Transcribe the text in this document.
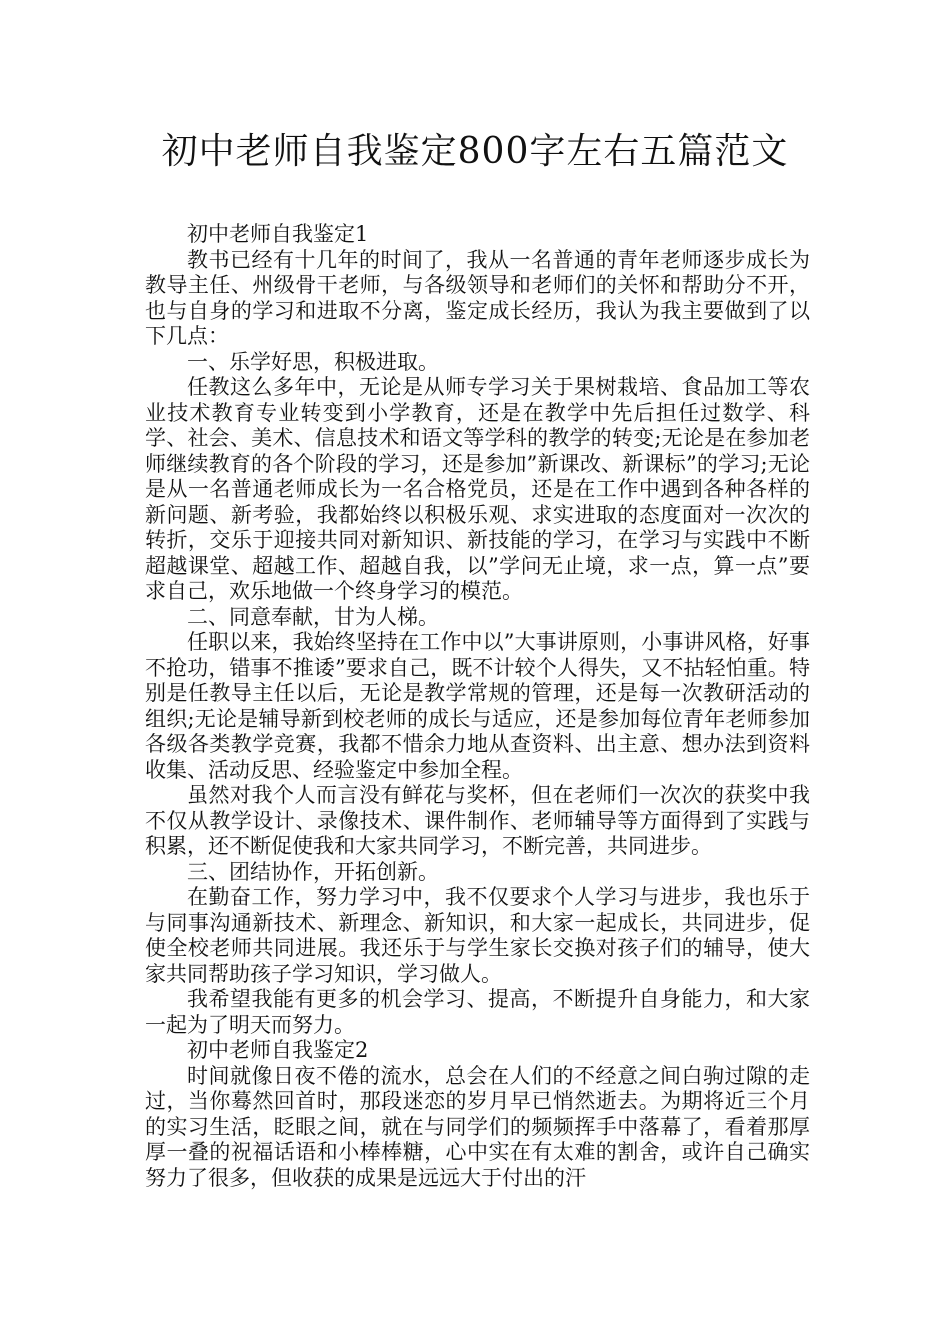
初中老师自我鉴定800字左右五篇范文

初中老师自我鉴定1

教书已经有十几年的时间了，我从一名普通的青年老师逐步成长为教导主任、州级骨干老师，与各级领导和老师们的关怀和帮助分不开，也与自身的学习和进取不分离，鉴定成长经历，我认为我主要做到了以下几点：

一、乐学好思，积极进取。

任教这么多年中，无论是从师专学习关于果树栽培、食品加工等农业技术教育专业转变到小学教育，还是在教学中先后担任过数学、科学、社会、美术、信息技术和语文等学科的教学的转变;无论是在参加老师继续教育的各个阶段的学习，还是参加”新课改、新课标”的学习;无论是从一名普通老师成长为一名合格党员，还是在工作中遇到各种各样的新问题、新考验，我都始终以积极乐观、求实进取的态度面对一次次的转折，交乐于迎接共同对新知识、新技能的学习，在学习与实践中不断超越课堂、超越工作、超越自我，以”学问无止境，求一点，算一点”要求自己，欢乐地做一个终身学习的模范。

二、同意奉献，甘为人梯。

任职以来，我始终坚持在工作中以”大事讲原则，小事讲风格，好事不抢功，错事不推诿”要求自己，既不计较个人得失，又不拈轻怕重。特别是任教导主任以后，无论是教学常规的管理，还是每一次教研活动的组织;无论是辅导新到校老师的成长与适应，还是参加每位青年老师参加各级各类教学竞赛，我都不惜余力地从查资料、出主意、想办法到资料收集、活动反思、经验鉴定中参加全程。

虽然对我个人而言没有鲜花与奖杯，但在老师们一次次的获奖中我不仅从教学设计、录像技术、课件制作、老师辅导等方面得到了实践与积累，还不断促使我和大家共同学习，不断完善，共同进步。

三、团结协作，开拓创新。

在勤奋工作，努力学习中，我不仅要求个人学习与进步，我也乐于与同事沟通新技术、新理念、新知识，和大家一起成长，共同进步，促使全校老师共同进展。我还乐于与学生家长交换对孩子们的辅导，使大家共同帮助孩子学习知识，学习做人。

我希望我能有更多的机会学习、提高，不断提升自身能力，和大家一起为了明天而努力。

初中老师自我鉴定2

时间就像日夜不倦的流水，总会在人们的不经意之间白驹过隙的走过，当你蓦然回首时，那段迷恋的岁月早已悄然逝去。为期将近三个月的实习生活，眨眼之间，就在与同学们的频频挥手中落幕了，看着那厚厚一叠的祝福话语和小棒棒糖，心中实在有太难的割舍，或许自己确实努力了很多，但收获的成果是远远大于付出的汗
